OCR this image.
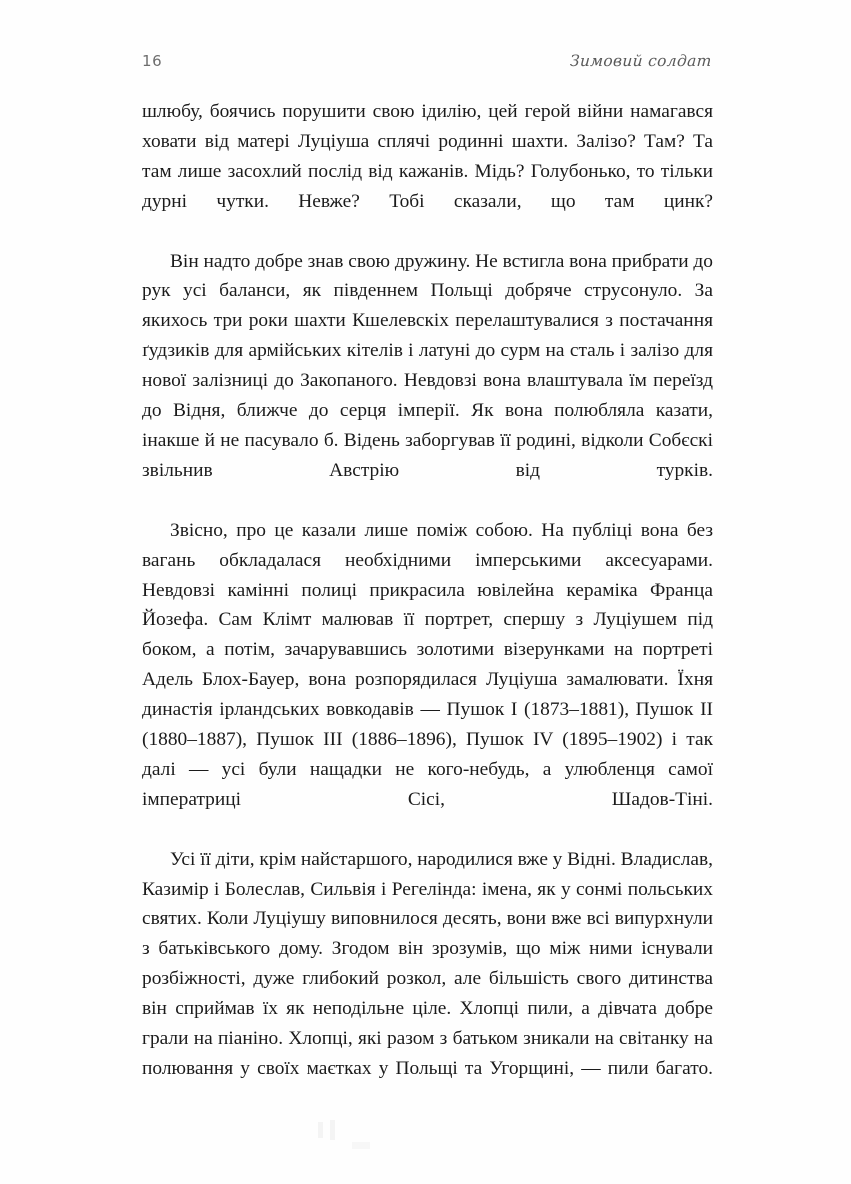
16	Зимовий солдат

шлюбу, боячись порушити свою ідилію, цей герой війни намагався ховати від матері Луціуша сплячі родинні шахти. Залізо? Там? Та там лише засохлий послід від кажанів. Мідь? Голубонько, то тільки дурні чутки. Невже? Тобі сказали, що там цинк?

Він надто добре знав свою дружину. Не встигла вона прибрати до рук усі баланси, як південнем Польщі добряче струсонуло. За якихось три роки шахти Кшелевскіх перелаштувалися з постачання ґудзиків для армійських кітелів і латуні до сурм на сталь і залізо для нової залізниці до Закопаного. Невдовзі вона влаштувала їм переїзд до Відня, ближче до серця імперії. Як вона полюбляла казати, інакше й не пасувало б. Відень заборгував її родині, відколи Собєскі звільнив Австрію від турків.

Звісно, про це казали лише поміж собою. На публіці вона без вагань обкладалася необхідними імперськими аксесуарами. Невдовзі камінні полиці прикрасила ювілейна кераміка Франца Йозефа. Сам Клімт малював її портрет, спершу з Луціушем під боком, а потім, зачарувавшись золотими візерунками на портреті Адель Блох-Бауер, вона розпорядилася Луціуша замалювати. Їхня династія ірландських вовкодавів — Пушок I (1873–1881), Пушок II (1880–1887), Пушок III (1886–1896), Пушок IV (1895–1902) і так далі — усі були нащадки не кого-небудь, а улюбленця самої імператриці Сісі, Шадов-Тіні.

Усі її діти, крім найстаршого, народилися вже у Відні. Владислав, Казимір і Болеслав, Сильвія і Регелінда: імена, як у сонмі польських святих. Коли Луціушу виповнилося десять, вони вже всі випурхнули з батьківського дому. Згодом він зрозумів, що між ними існували розбіжності, дуже глибокий розкол, але більшість свого дитинства він сприймав їх як неподільне ціле. Хлопці пили, а дівчата добре грали на піаніно. Хлопці, які разом з батьком зникали на світанку на полювання у своїх маєтках у Польщі та Угорщині, — пили багато.
